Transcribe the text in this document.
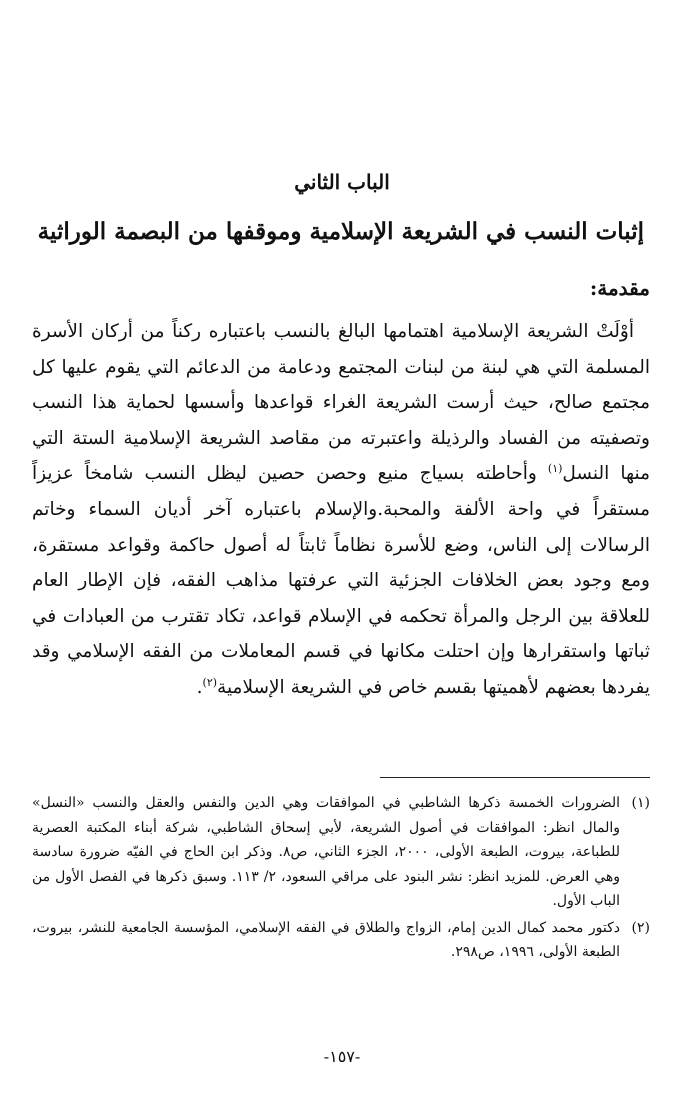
الباب الثاني
إثبات النسب في الشريعة الإسلامية وموقفها من البصمة الوراثية
مقدمة:

أوْلَتْ الشريعة الإسلامية اهتمامها البالغ بالنسب باعتباره ركناً من أركان الأسرة المسلمة التي هي لبنة من لبنات المجتمع ودعامة من الدعائم التي يقوم عليها كل مجتمع صالح، حيث أرست الشريعة الغراء قواعدها وأسسها لحماية هذا النسب وتصفيته من الفساد والرذيلة واعتبرته من مقاصد الشريعة الإسلامية الستة التي منها النسل$^{(١)}$ وأحاطته بسياج منيع وحصن حصين ليظل النسب شامخاً عزيزاً مستقراً في واحة الألفة والمحبة.والإسلام باعتباره آخر أديان السماء وخاتم الرسالات إلى الناس، وضع للأسرة نظاماً ثابتاً له أصول حاكمة وقواعد مستقرة، ومع وجود بعض الخلافات الجزئية التي عرفتها مذاهب الفقه، فإن الإطار العام للعلاقة بين الرجل والمرأة تحكمه في الإسلام قواعد، تكاد تقترب من العبادات في ثباتها واستقرارها وإن احتلت مكانها في قسم المعاملات من الفقه الإسلامي وقد يفردها بعضهم لأهميتها بقسم خاص في الشريعة الإسلامية$^{(٢)}$.

(١)
الضرورات الخمسة ذكرها الشاطبي في الموافقات وهي الدين والنفس والعقل والنسب «النسل» والمال انظر: الموافقات في أصول الشريعة، لأبي إسحاق الشاطبي، شركة أبناء المكتبة العصرية للطباعة، بيروت، الطبعة الأولى، ٢٠٠٠، الجزء الثاني، ص٨. وذكر ابن الحاج في الفيّه ضرورة سادسة وهي العرض. للمزيد انظر: نشر البنود على مراقي السعود، ٢/ ١١٣. وسبق ذكرها في الفصل الأول من الباب الأول.
(٢)
دكتور محمد كمال الدين إمام، الزواج والطلاق في الفقه الإسلامي، المؤسسة الجامعية للنشر، بيروت، الطبعة الأولى، ١٩٩٦، ص٢٩٨.
-١٥٧-
